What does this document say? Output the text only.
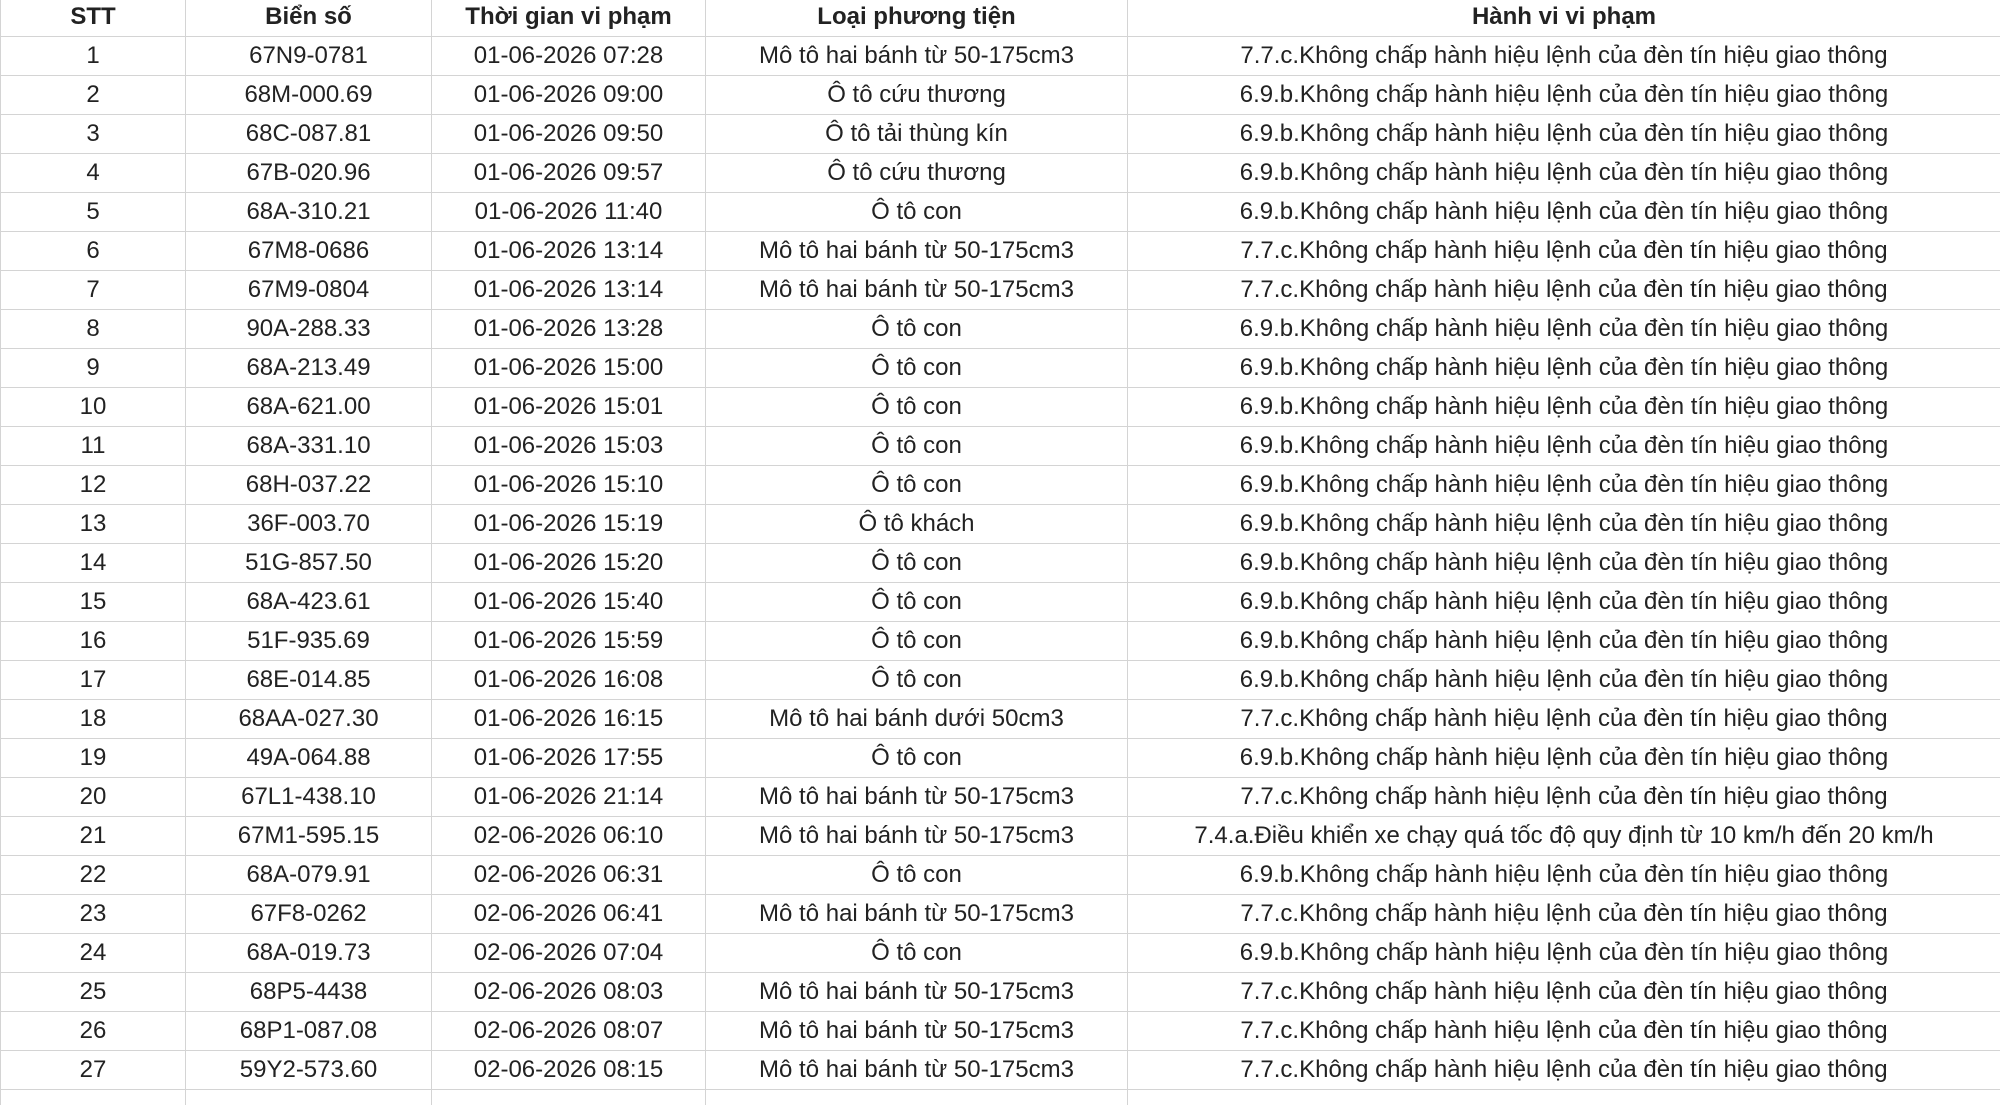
STT	Biển số	Thời gian vi phạm	Loại phương tiện	Hành vi vi phạm
1	67N9-0781	01-06-2026 07:28	Mô tô hai bánh từ 50-175cm3	7.7.c.Không chấp hành hiệu lệnh của đèn tín hiệu giao thông
2	68M-000.69	01-06-2026 09:00	Ô tô cứu thương	6.9.b.Không chấp hành hiệu lệnh của đèn tín hiệu giao thông
3	68C-087.81	01-06-2026 09:50	Ô tô tải thùng kín	6.9.b.Không chấp hành hiệu lệnh của đèn tín hiệu giao thông
4	67B-020.96	01-06-2026 09:57	Ô tô cứu thương	6.9.b.Không chấp hành hiệu lệnh của đèn tín hiệu giao thông
5	68A-310.21	01-06-2026 11:40	Ô tô con	6.9.b.Không chấp hành hiệu lệnh của đèn tín hiệu giao thông
6	67M8-0686	01-06-2026 13:14	Mô tô hai bánh từ 50-175cm3	7.7.c.Không chấp hành hiệu lệnh của đèn tín hiệu giao thông
7	67M9-0804	01-06-2026 13:14	Mô tô hai bánh từ 50-175cm3	7.7.c.Không chấp hành hiệu lệnh của đèn tín hiệu giao thông
8	90A-288.33	01-06-2026 13:28	Ô tô con	6.9.b.Không chấp hành hiệu lệnh của đèn tín hiệu giao thông
9	68A-213.49	01-06-2026 15:00	Ô tô con	6.9.b.Không chấp hành hiệu lệnh của đèn tín hiệu giao thông
10	68A-621.00	01-06-2026 15:01	Ô tô con	6.9.b.Không chấp hành hiệu lệnh của đèn tín hiệu giao thông
11	68A-331.10	01-06-2026 15:03	Ô tô con	6.9.b.Không chấp hành hiệu lệnh của đèn tín hiệu giao thông
12	68H-037.22	01-06-2026 15:10	Ô tô con	6.9.b.Không chấp hành hiệu lệnh của đèn tín hiệu giao thông
13	36F-003.70	01-06-2026 15:19	Ô tô khách	6.9.b.Không chấp hành hiệu lệnh của đèn tín hiệu giao thông
14	51G-857.50	01-06-2026 15:20	Ô tô con	6.9.b.Không chấp hành hiệu lệnh của đèn tín hiệu giao thông
15	68A-423.61	01-06-2026 15:40	Ô tô con	6.9.b.Không chấp hành hiệu lệnh của đèn tín hiệu giao thông
16	51F-935.69	01-06-2026 15:59	Ô tô con	6.9.b.Không chấp hành hiệu lệnh của đèn tín hiệu giao thông
17	68E-014.85	01-06-2026 16:08	Ô tô con	6.9.b.Không chấp hành hiệu lệnh của đèn tín hiệu giao thông
18	68AA-027.30	01-06-2026 16:15	Mô tô hai bánh dưới 50cm3	7.7.c.Không chấp hành hiệu lệnh của đèn tín hiệu giao thông
19	49A-064.88	01-06-2026 17:55	Ô tô con	6.9.b.Không chấp hành hiệu lệnh của đèn tín hiệu giao thông
20	67L1-438.10	01-06-2026 21:14	Mô tô hai bánh từ 50-175cm3	7.7.c.Không chấp hành hiệu lệnh của đèn tín hiệu giao thông
21	67M1-595.15	02-06-2026 06:10	Mô tô hai bánh từ 50-175cm3	7.4.a.Điều khiển xe chạy quá tốc độ quy định từ 10 km/h đến 20 km/h
22	68A-079.91	02-06-2026 06:31	Ô tô con	6.9.b.Không chấp hành hiệu lệnh của đèn tín hiệu giao thông
23	67F8-0262	02-06-2026 06:41	Mô tô hai bánh từ 50-175cm3	7.7.c.Không chấp hành hiệu lệnh của đèn tín hiệu giao thông
24	68A-019.73	02-06-2026 07:04	Ô tô con	6.9.b.Không chấp hành hiệu lệnh của đèn tín hiệu giao thông
25	68P5-4438	02-06-2026 08:03	Mô tô hai bánh từ 50-175cm3	7.7.c.Không chấp hành hiệu lệnh của đèn tín hiệu giao thông
26	68P1-087.08	02-06-2026 08:07	Mô tô hai bánh từ 50-175cm3	7.7.c.Không chấp hành hiệu lệnh của đèn tín hiệu giao thông
27	59Y2-573.60	02-06-2026 08:15	Mô tô hai bánh từ 50-175cm3	7.7.c.Không chấp hành hiệu lệnh của đèn tín hiệu giao thông
